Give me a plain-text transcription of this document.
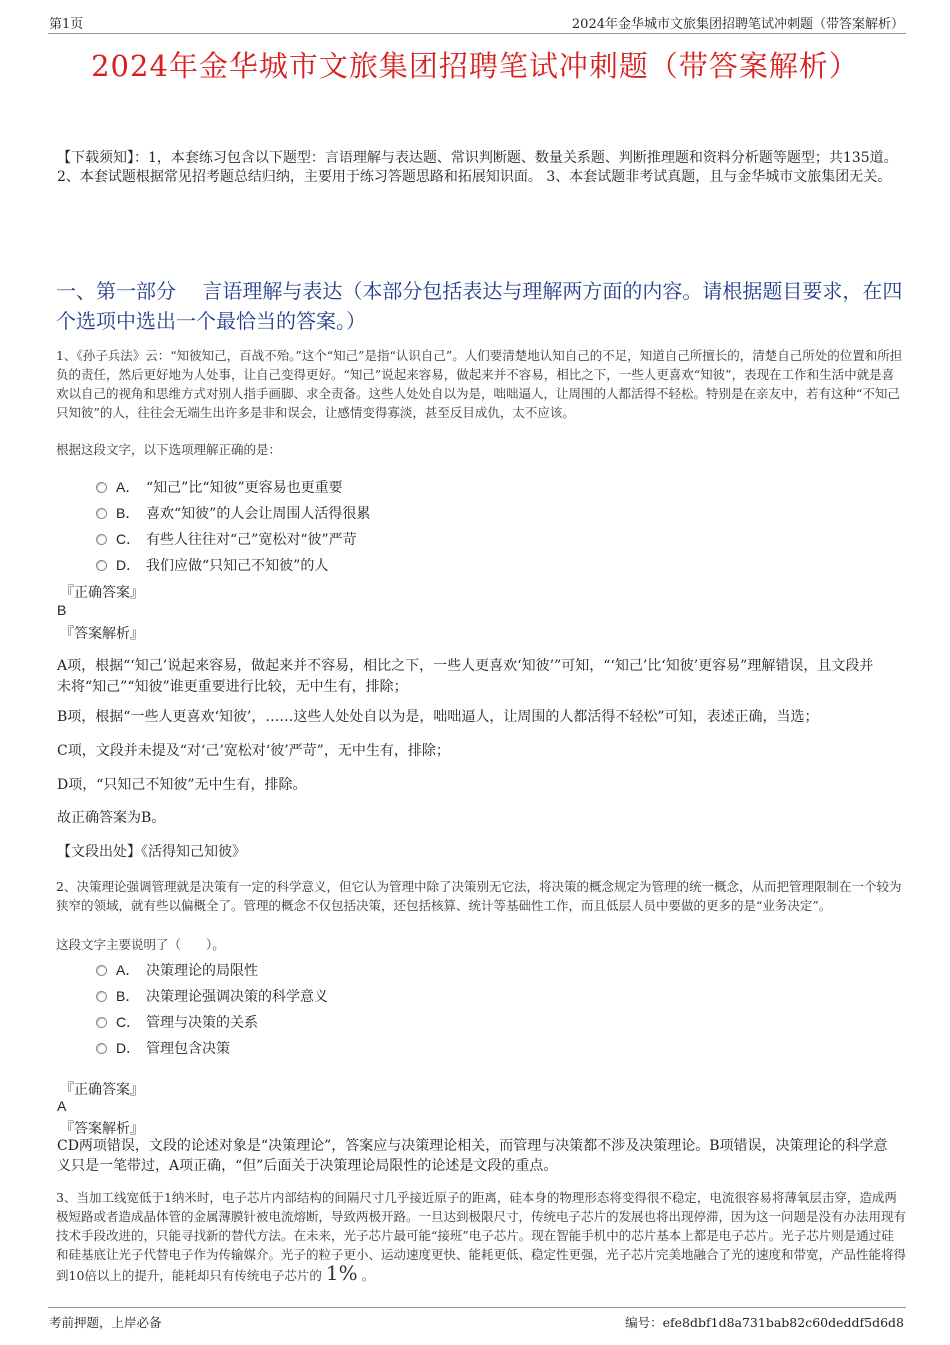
第1页	2024年金华城市文旅集团招聘笔试冲刺题（带答案解析）
2024年金华城市文旅集团招聘笔试冲刺题（带答案解析）
【下载须知】：1，本套练习包含以下题型：言语理解与表达题、常识判断题、数量关系题、判断推理题和资料分析题等题型；共135道。 2、本套试题根据常见招考题总结归纳，主要用于练习答题思路和拓展知识面。 3、本套试题非考试真题，且与金华城市文旅集团无关。
一、第一部分　 言语理解与表达（本部分包括表达与理解两方面的内容。请根据题目要求，在四个选项中选出一个最恰当的答案。）
1、《孙子兵法》云：“知彼知己，百战不殆。”这个“知己”是指“认识自己”。人们要清楚地认知自己的不足，知道自己所擅长的，清楚自己所处的位置和所担负的责任，然后更好地为人处事，让自己变得更好。“知己”说起来容易，做起来并不容易，相比之下，一些人更喜欢“知彼”，表现在工作和生活中就是喜欢以自己的视角和思维方式对别人指手画脚、求全责备。这些人处处自以为是，咄咄逼人，让周围的人都活得不轻松。特别是在亲友中，若有这种“不知己只知彼”的人，往往会无端生出许多是非和误会，让感情变得寡淡，甚至反目成仇，太不应该。
根据这段文字，以下选项理解正确的是：
A． “知己”比“知彼”更容易也更重要
B． 喜欢“知彼”的人会让周围人活得很累
C． 有些人往往对“己”宽松对“彼”严苛
D． 我们应做“只知己不知彼”的人
『正确答案』
B
『答案解析』
A项，根据“‘知己’说起来容易，做起来并不容易，相比之下，一些人更喜欢‘知彼’”可知，“‘知己’比‘知彼’更容易”理解错误，且文段并未将“知己”“知彼”谁更重要进行比较，无中生有，排除；
B项，根据“一些人更喜欢‘知彼’，……这些人处处自以为是，咄咄逼人，让周围的人都活得不轻松”可知，表述正确，当选；
C项，文段并未提及“对‘己’宽松对‘彼’严苛”，无中生有，排除；
D项，“只知己不知彼”无中生有，排除。
故正确答案为B。
【文段出处】《活得知己知彼》
2、决策理论强调管理就是决策有一定的科学意义，但它认为管理中除了决策别无它法，将决策的概念规定为管理的统一概念，从而把管理限制在一个较为狭窄的领域，就有些以偏概全了。管理的概念不仅包括决策，还包括核算、统计等基础性工作，而且低层人员中要做的更多的是“业务决定”。
这段文字主要说明了（　　）。
A． 决策理论的局限性
B． 决策理论强调决策的科学意义
C． 管理与决策的关系
D． 管理包含决策
『正确答案』
A
『答案解析』
CD两项错误，文段的论述对象是“决策理论”，答案应与决策理论相关，而管理与决策都不涉及决策理论。B项错误，决策理论的科学意义只是一笔带过，A项正确，“但”后面关于决策理论局限性的论述是文段的重点。
3、当加工线宽低于1纳米时，电子芯片内部结构的间隔尺寸几乎接近原子的距离，硅本身的物理形态将变得很不稳定，电流很容易将薄氧层击穿，造成两极短路或者造成晶体管的金属薄膜针被电流熔断，导致两极开路。一旦达到极限尺寸，传统电子芯片的发展也将出现停滞，因为这一问题是没有办法用现有技术手段改进的，只能寻找新的替代方法。在未来，光子芯片最可能“接班”电子芯片。现在智能手机中的芯片基本上都是电子芯片。光子芯片则是通过硅和硅基底让光子代替电子作为传输媒介。光子的粒子更小、运动速度更快、能耗更低、稳定性更强，光子芯片完美地融合了光的速度和带宽，产品性能将得到10倍以上的提升，能耗却只有传统电子芯片的 1% 。
考前押题，上岸必备	编号：efe8dbf1d8a731bab82c60deddf5d6d8
